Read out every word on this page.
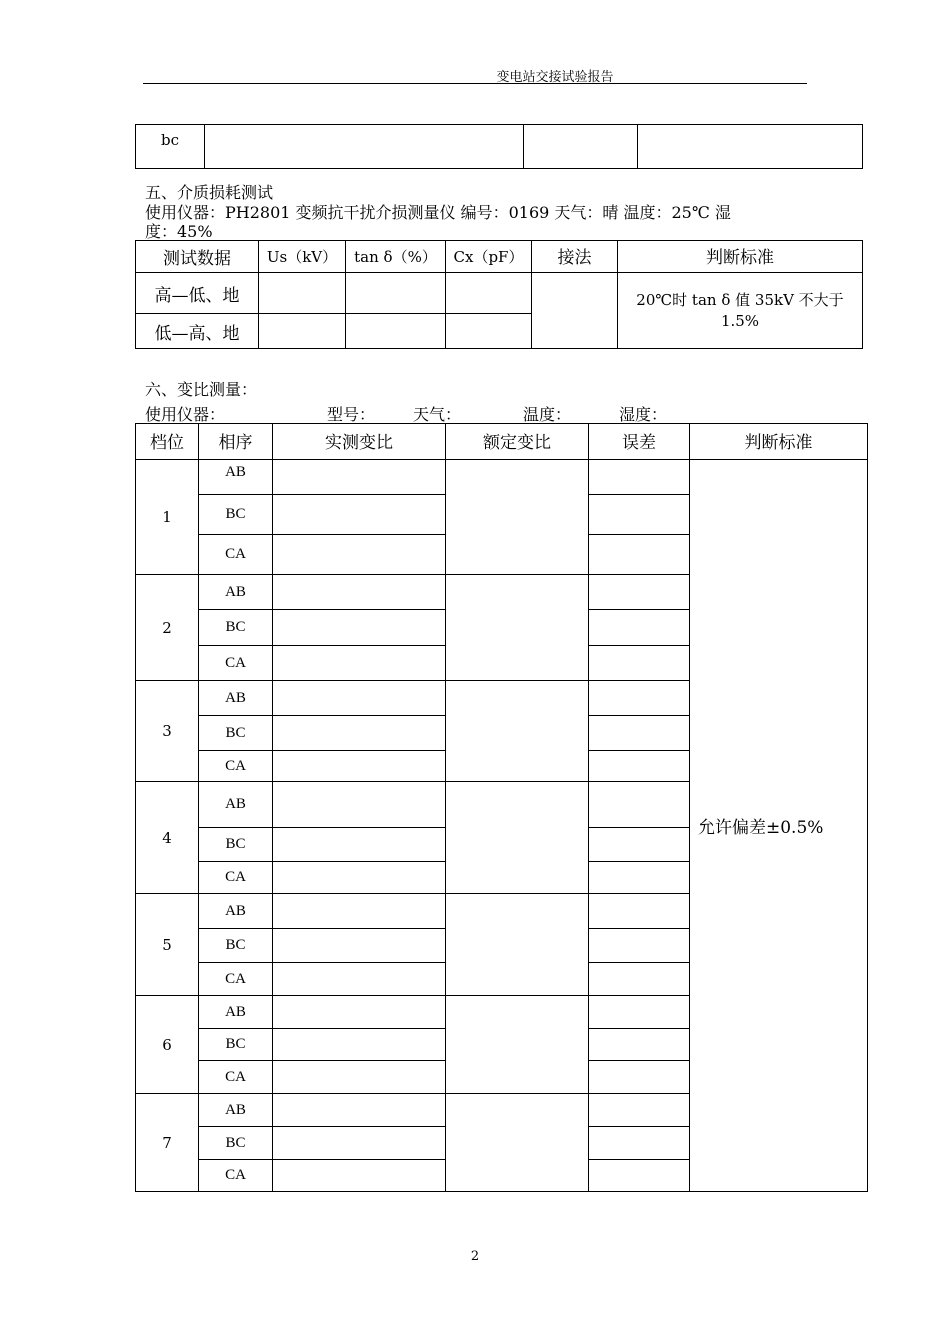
变电站交接试验报告
bc			
五、介质损耗测试
使用仪器：PH2801 变频抗干扰介损测量仪 编号：0169 天气：晴 温度：25℃ 湿
度：45%
测试数据	Us（kV）	tan δ（%）	Cx（pF）	接法	判断标准
高—低、地					20℃时 tan δ 值 35kV 不大于
1.5%

低—高、地					
六、变比测量：
使用仪器：	型号： 天气：	温度：	湿度：
档位	相序	实测变比	额定变比	误差	判断标准
1	AB				允许偏差±0.5%
	BC				
	CA				
2	AB				
	BC				
	CA				
3	AB				
	BC				
	CA				
4	AB				
	BC				
	CA				
5	AB				
	BC				
	CA				
6	AB				
	BC				
	CA				
7	AB				
	BC				
	CA				
2
